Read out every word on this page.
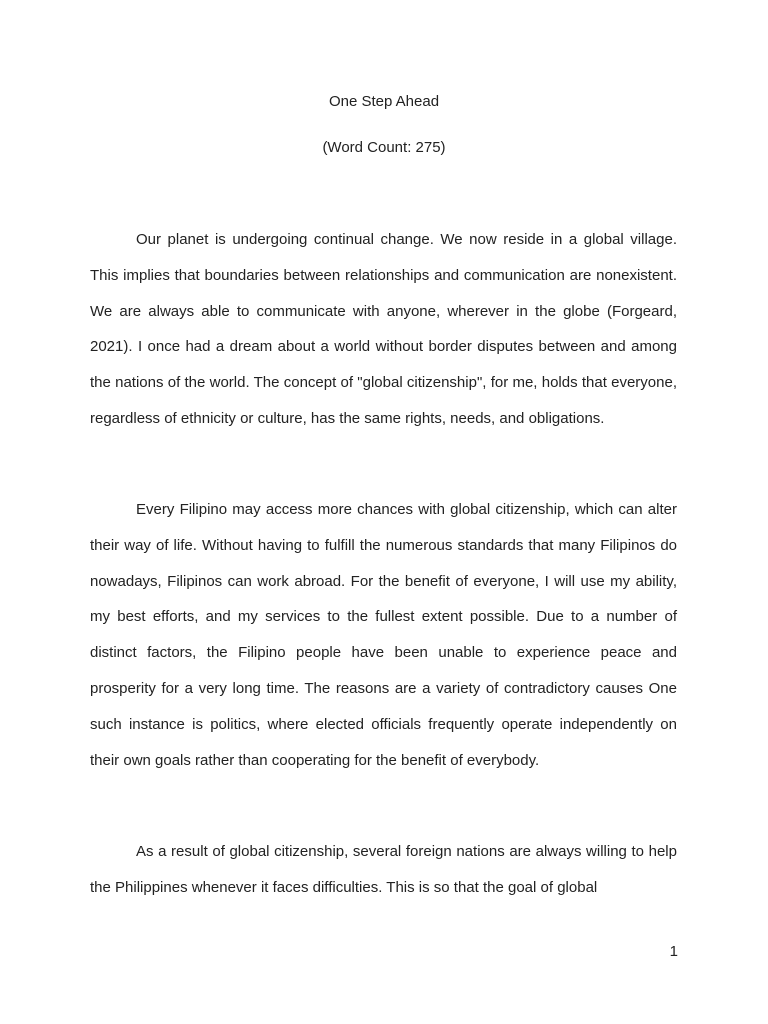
One Step Ahead
(Word Count: 275)

Our planet is undergoing continual change. We now reside in a global village. This implies that boundaries between relationships and communication are nonexistent. We are always able to communicate with anyone, wherever in the globe (Forgeard, 2021). I once had a dream about a world without border disputes between and among the nations of the world. The concept of "global citizenship", for me, holds that everyone, regardless of ethnicity or culture, has the same rights, needs, and obligations.

Every Filipino may access more chances with global citizenship, which can alter their way of life. Without having to fulfill the numerous standards that many Filipinos do nowadays, Filipinos can work abroad. For the benefit of everyone, I will use my ability, my best efforts, and my services to the fullest extent possible. Due to a number of distinct factors, the Filipino people have been unable to experience peace and prosperity for a very long time. The reasons are a variety of contradictory causes One such instance is politics, where elected officials frequently operate independently on their own goals rather than cooperating for the benefit of everybody.

As a result of global citizenship, several foreign nations are always willing to help the Philippines whenever it faces difficulties. This is so that the goal of global

1
